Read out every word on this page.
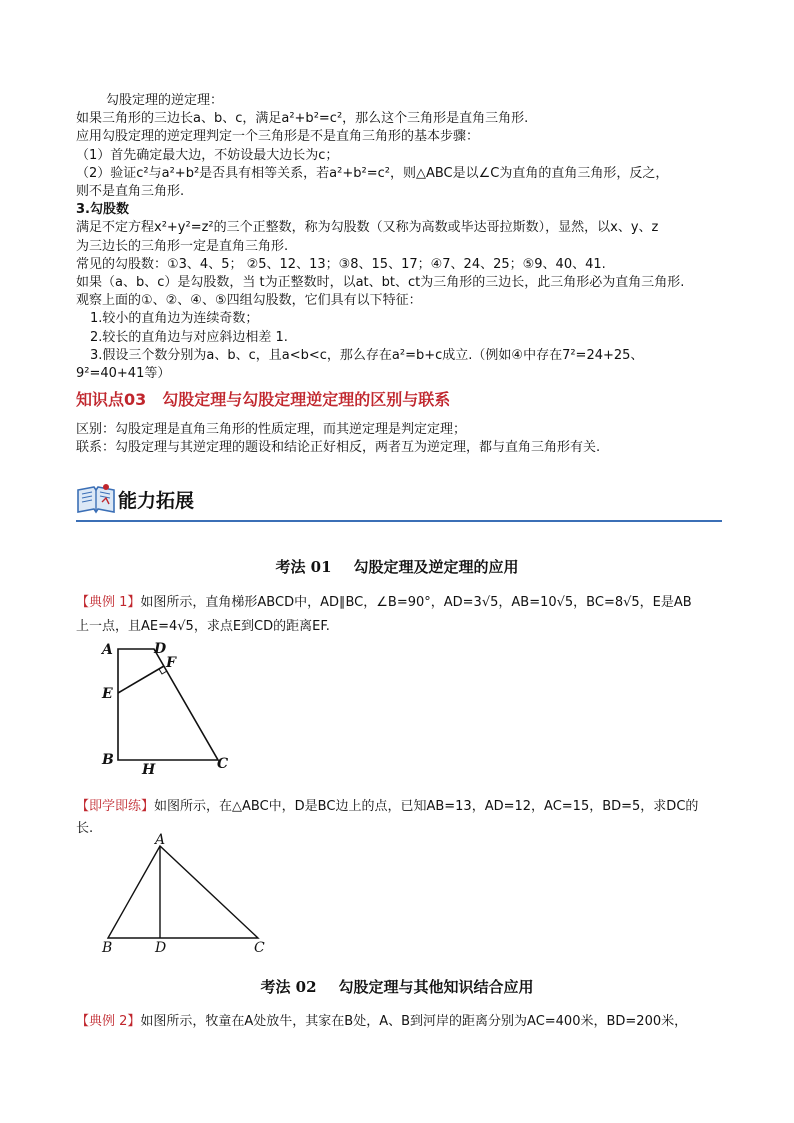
勾股定理的逆定理：
如果三角形的三边长a、b、c，满足a²+b²=c²，那么这个三角形是直角三角形.
应用勾股定理的逆定理判定一个三角形是不是直角三角形的基本步骤：
（1）首先确定最大边，不妨设最大边长为c；
（2）验证c²与a²+b²是否具有相等关系，若a²+b²=c²，则△ABC是以∠C为直角的直角三角形，反之，
则不是直角三角形.
3.勾股数
满足不定方程x²+y²=z²的三个正整数，称为勾股数（又称为高数或毕达哥拉斯数），显然，以x、y、z
为三边长的三角形一定是直角三角形.
常见的勾股数：①3、4、5； ②5、12、13；③8、15、17；④7、24、25；⑤9、40、41.
如果（a、b、c）是勾股数，当 t为正整数时，以at、bt、ct为三角形的三边长，此三角形必为直角三角形.
观察上面的①、②、④、⑤四组勾股数，它们具有以下特征：
1.较小的直角边为连续奇数；
2.较长的直角边与对应斜边相差 1.
3.假设三个数分别为a、b、c，且a<b<c，那么存在a²=b+c成立.（例如④中存在7²=24+25、
9²=40+41等）
知识点03 勾股定理与勾股定理逆定理的区别与联系
区别：勾股定理是直角三角形的性质定理，而其逆定理是判定定理；
联系：勾股定理与其逆定理的题设和结论正好相反，两者互为逆定理，都与直角三角形有关.
能力拓展
考法 01 勾股定理及逆定理的应用
【典例 1】如图所示，直角梯形ABCD中，AD∥BC，∠B=90°，AD=3√5，AB=10√5，BC=8√5，E是AB
上一点，且AE=4√5，求点E到CD的距离EF.
A	D
F
E
B
H	C
【即学即练】如图所示，在△ABC中，D是BC边上的点，已知AB=13，AD=12，AC=15，BD=5，求DC的
长.
A
B	D	C
考法 02 勾股定理与其他知识结合应用
【典例 2】如图所示，牧童在A处放牛，其家在B处，A、B到河岸的距离分别为AC=400米，BD=200米，
